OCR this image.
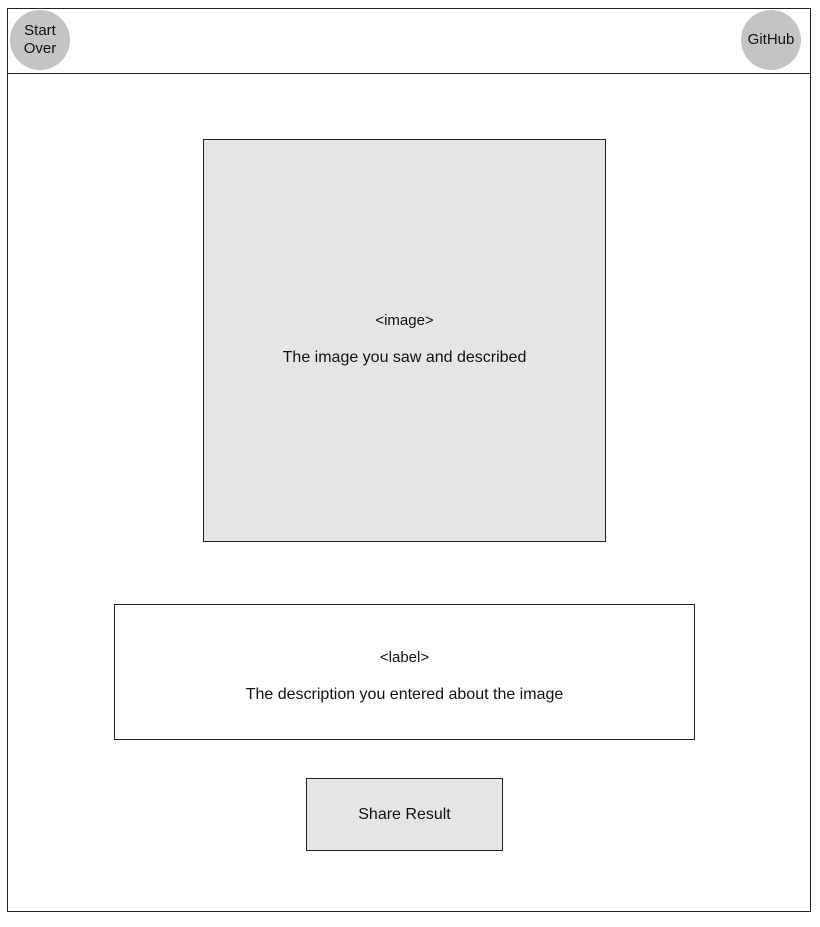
Start
Over
GitHub
<image>
The image you saw and described
<label>
The description you entered about the image
Share Result
